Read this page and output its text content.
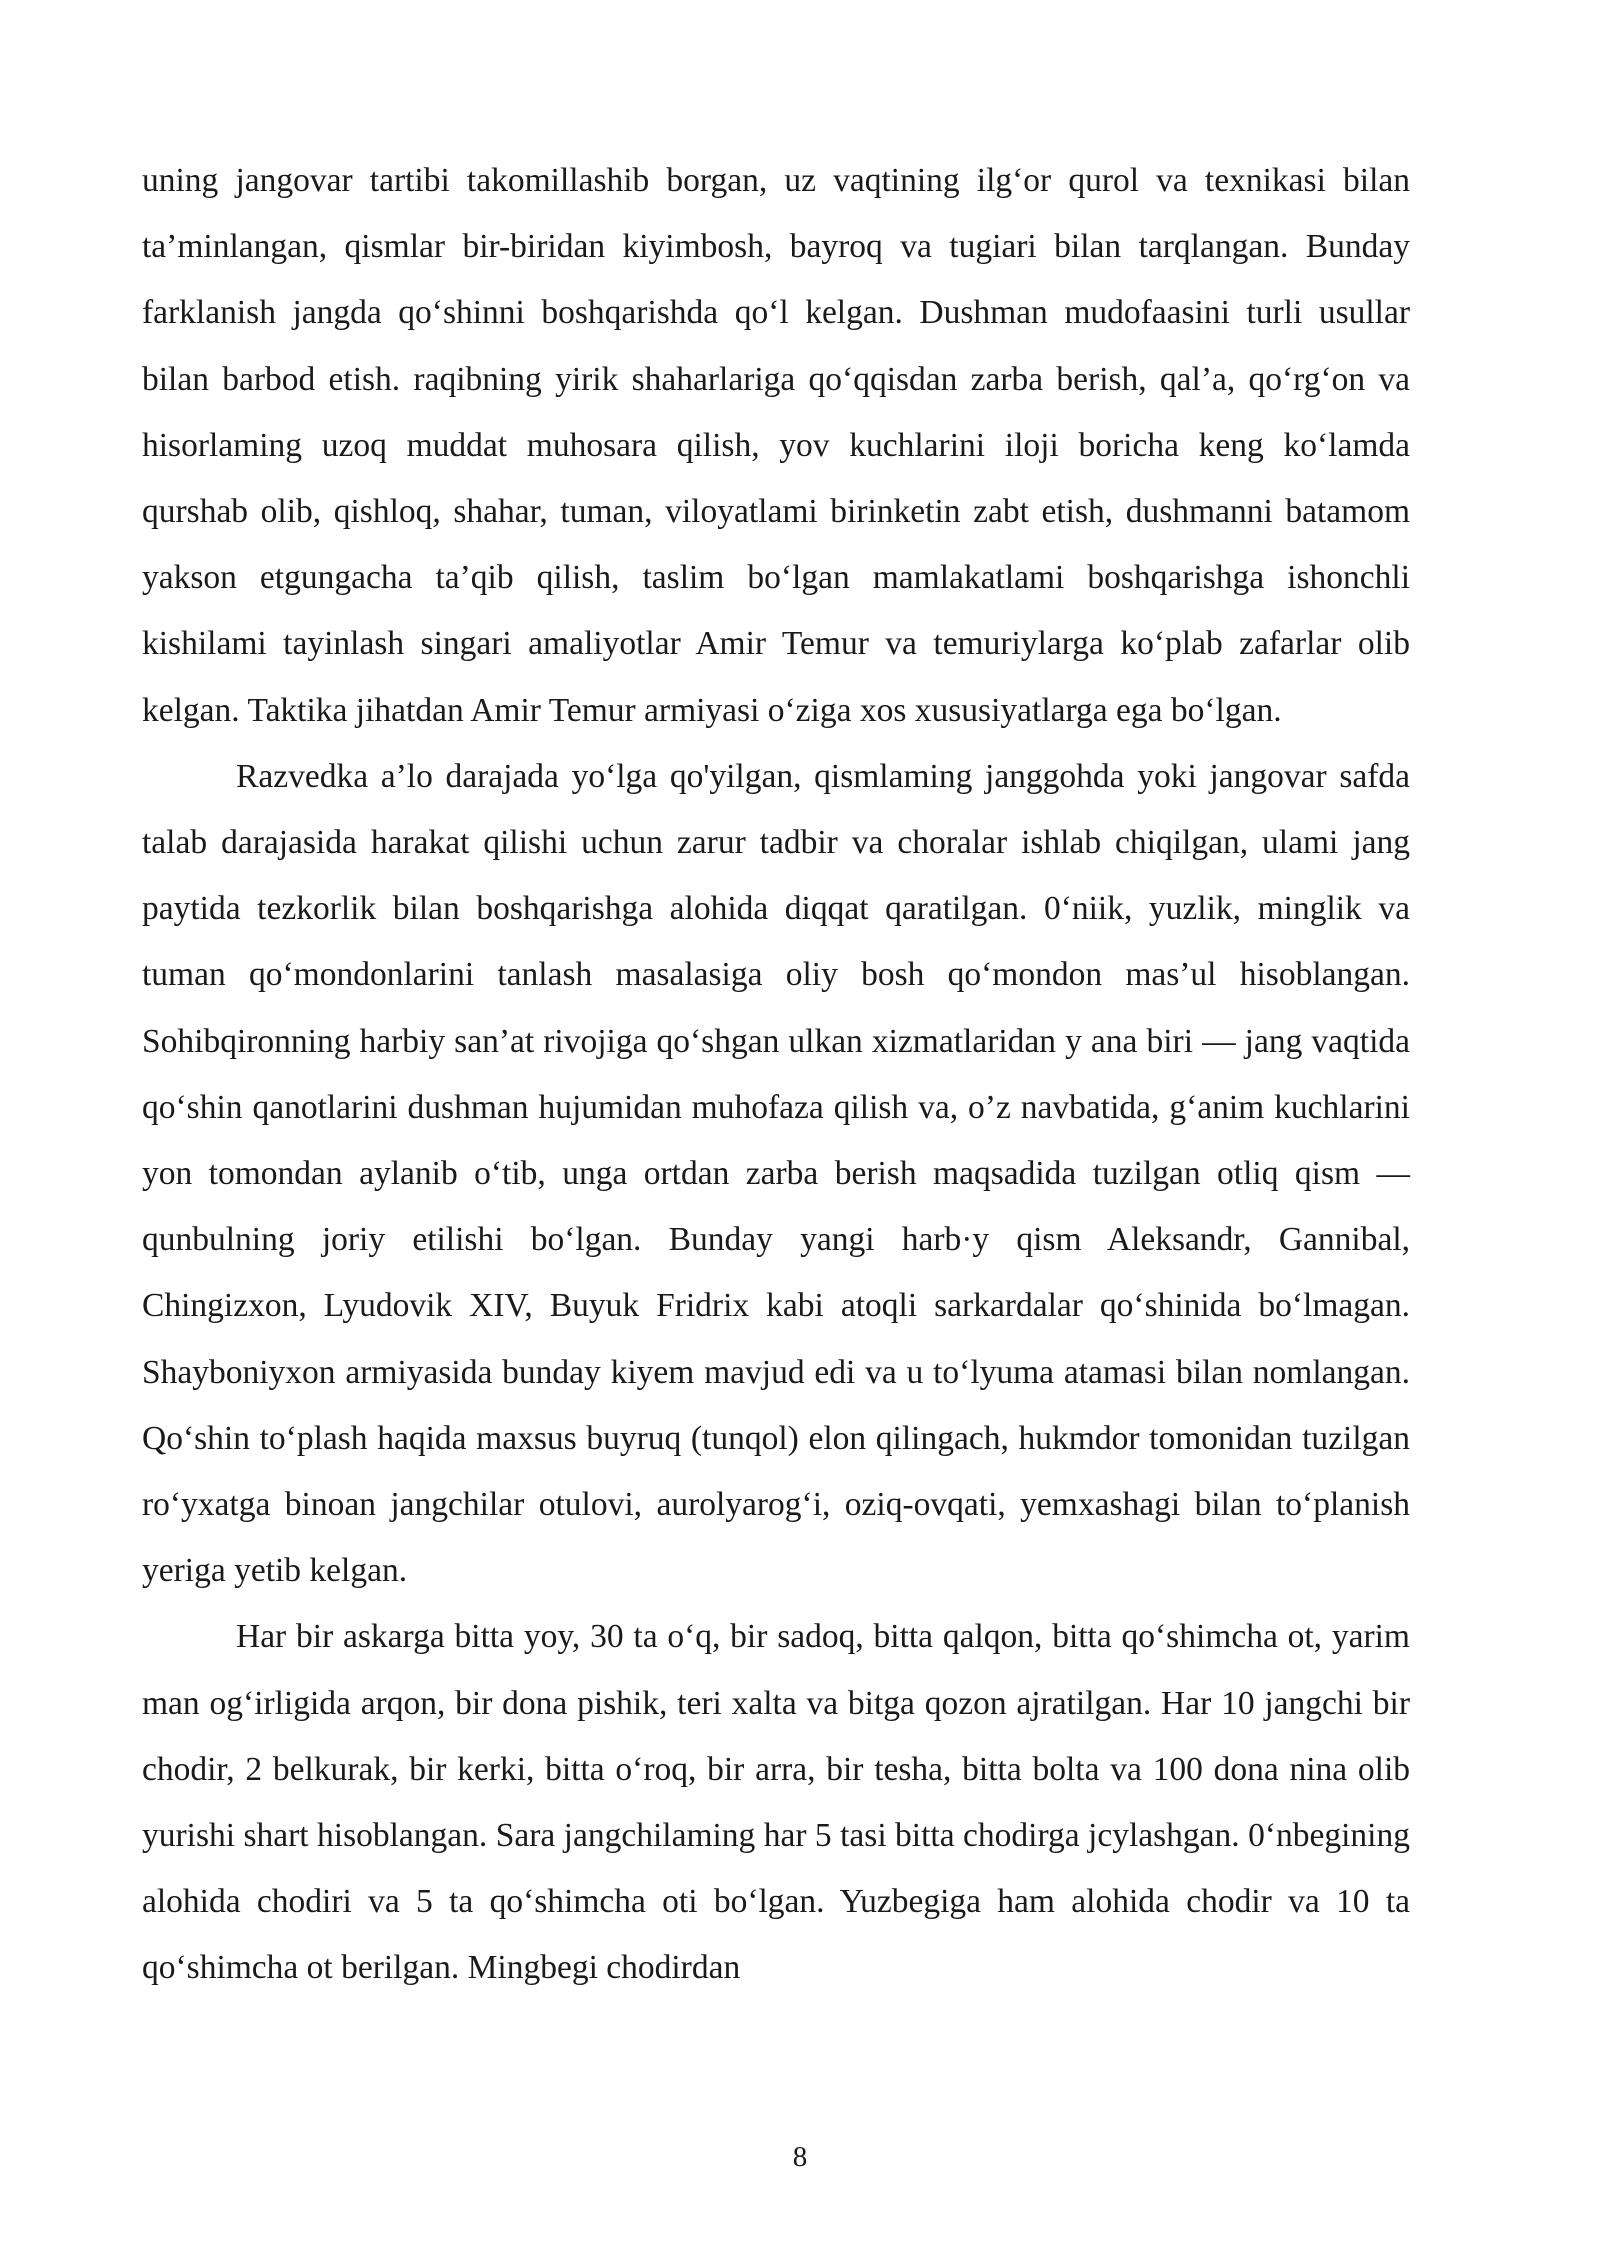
uning jangovar tartibi takomillashib borgan, uz vaqtining ilg‘or qurol va texnikasi bilan ta’minlangan, qismlar bir-biridan kiyimbosh, bayroq va tugiari bilan tarqlangan. Bunday farklanish jangda qo‘shinni boshqarishda qo‘l kelgan. Dushman mudofaasini turli usullar bilan barbod etish. raqibning yirik shaharlariga qo‘qqisdan zarba berish, qal’a, qo‘rg‘on va hisorlaming uzoq muddat muhosara qilish, yov kuchlarini iloji boricha keng ko‘lamda qurshab olib, qishloq, shahar, tuman, viloyatlami birinketin zabt etish, dushmanni batamom yakson etgungacha ta’qib qilish, taslim bo‘lgan mamlakatlami boshqarishga ishonchli kishilami tayinlash singari amaliyotlar Amir Temur va temuriylarga ko‘plab zafarlar olib kelgan. Taktika jihatdan Amir Temur armiyasi o‘ziga xos xususiyatlarga ega bo‘lgan.

Razvedka a’lo darajada yo‘lga qo'yilgan, qismlaming janggohda yoki jangovar safda talab darajasida harakat qilishi uchun zarur tadbir va choralar ishlab chiqilgan, ulami jang paytida tezkorlik bilan boshqarishga alohida diqqat qaratilgan. 0‘niik, yuzlik, minglik va tuman qo‘mondonlarini tanlash masalasiga oliy bosh qo‘mondon mas’ul hisoblangan. Sohibqironning harbiy san’at rivojiga qo‘shgan ulkan xizmatlaridan y ana biri — jang vaqtida qo‘shin qanotlarini dushman hujumidan muhofaza qilish va, o’z navbatida, g‘anim kuchlarini yon tomondan aylanib o‘tib, unga ortdan zarba berish maqsadida tuzilgan otliq qism — qunbulning joriy etilishi bo‘lgan. Bunday yangi harb·y qism Aleksandr, Gannibal, Chingizxon, Lyudovik XIV, Buyuk Fridrix kabi atoqli sarkardalar qo‘shinida bo‘lmagan. Shayboniyxon armiyasida bunday kiyem mavjud edi va u to‘lyuma atamasi bilan nomlangan. Qo‘shin to‘plash haqida maxsus buyruq (tunqol) elon qilingach, hukmdor tomonidan tuzilgan ro‘yxatga binoan jangchilar otulovi, aurolyarog‘i, oziq-ovqati, yemxashagi bilan to‘planish yeriga yetib kelgan.

Har bir askarga bitta yoy, 30 ta o‘q, bir sadoq, bitta qalqon, bitta qo‘shimcha ot, yarim man og‘irligida arqon, bir dona pishik, teri xalta va bitga qozon ajratilgan. Har 10 jangchi bir chodir, 2 belkurak, bir kerki, bitta o‘roq, bir arra, bir tesha, bitta bolta va 100 dona nina olib yurishi shart hisoblangan. Sara jangchilaming har 5 tasi bitta chodirga jcylashgan. 0‘nbegining alohida chodiri va 5 ta qo‘shimcha oti bo‘lgan. Yuzbegiga ham alohida chodir va 10 ta qo‘shimcha ot berilgan. Mingbegi chodirdan

8
